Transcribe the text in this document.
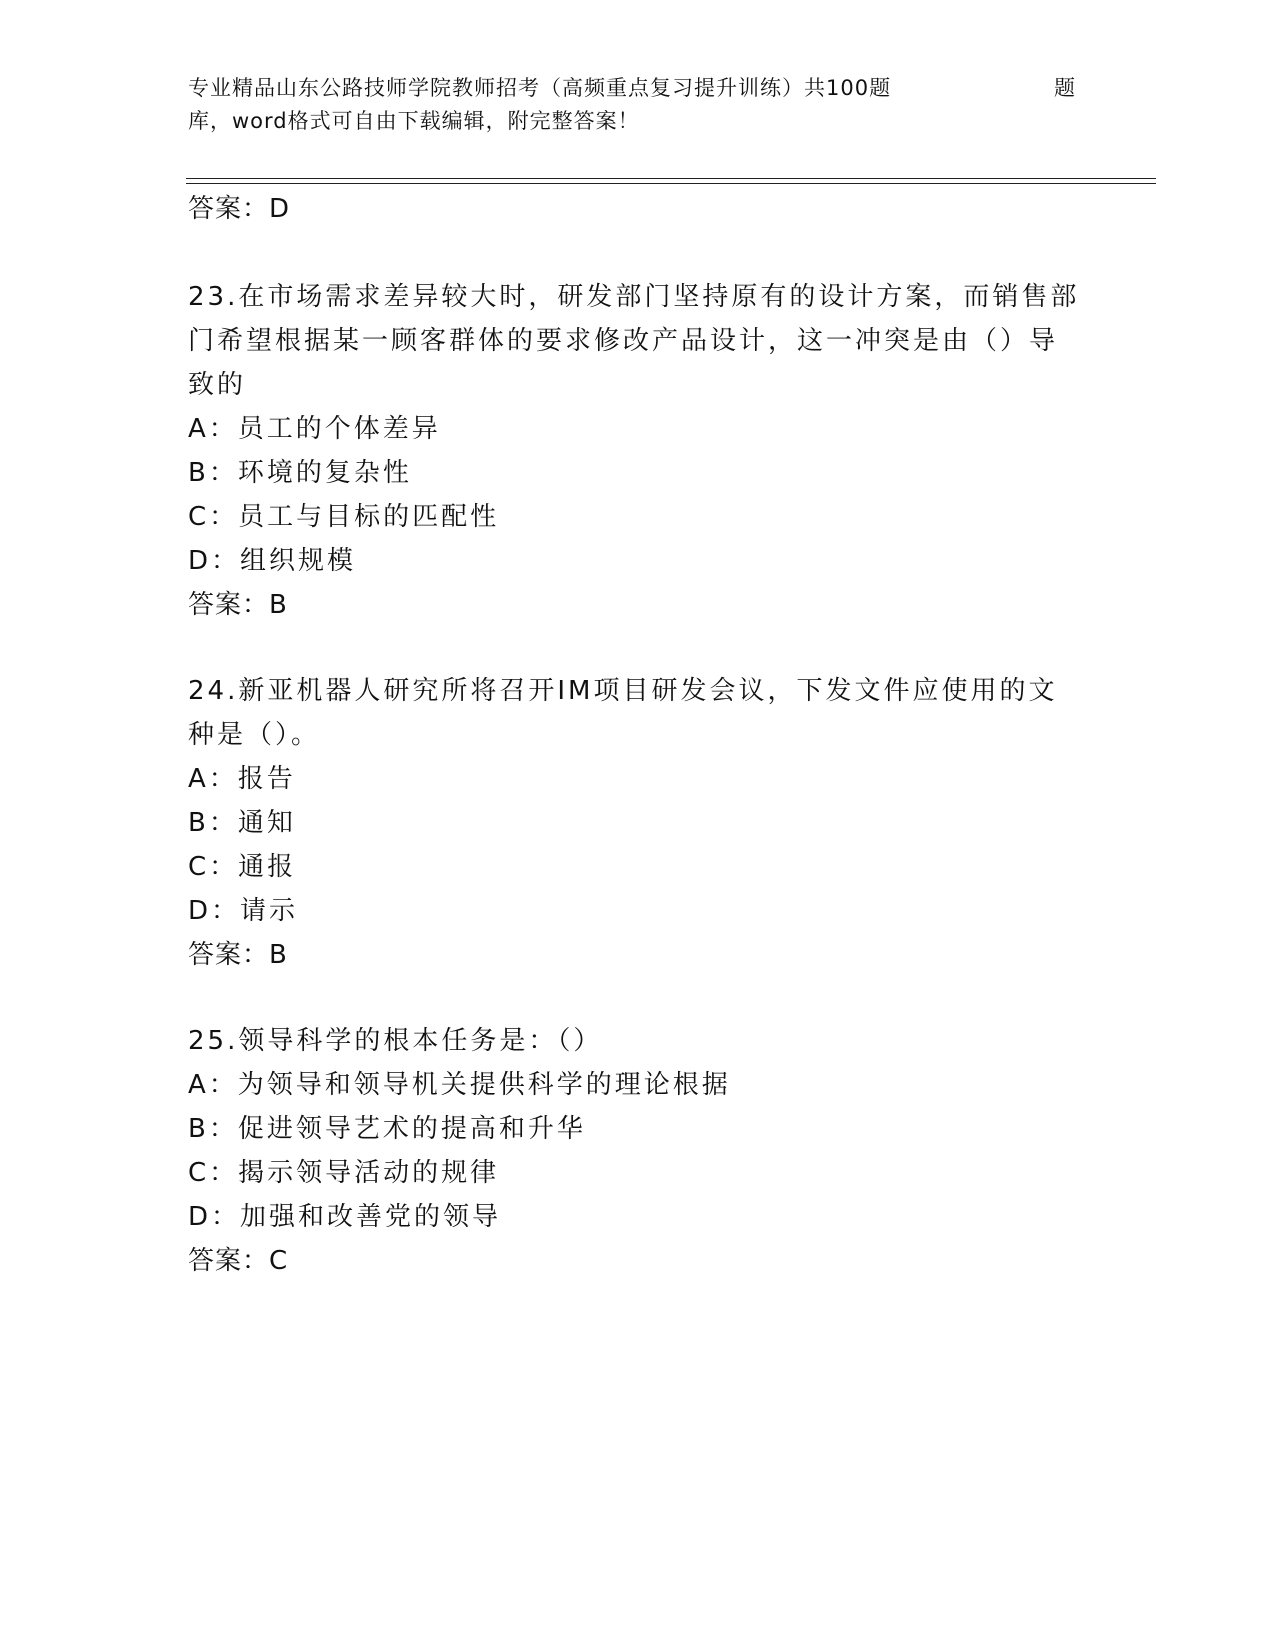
专业精品山东公路技师学院教师招考（高频重点复习提升训练）共100题	题
库，word格式可自由下载编辑，附完整答案！
答案：D
23.在市场需求差异较大时，研发部门坚持原有的设计方案，而销售部
门希望根据某一顾客群体的要求修改产品设计，这一冲突是由（）导
致的
A：员工的个体差异
B：环境的复杂性
C：员工与目标的匹配性
D：组织规模
答案：B
24.新亚机器人研究所将召开IM项目研发会议，下发文件应使用的文
种是（）。
A：报告
B：通知
C：通报
D：请示
答案：B
25.领导科学的根本任务是：（）
A：为领导和领导机关提供科学的理论根据
B：促进领导艺术的提高和升华
C：揭示领导活动的规律
D：加强和改善党的领导
答案：C
